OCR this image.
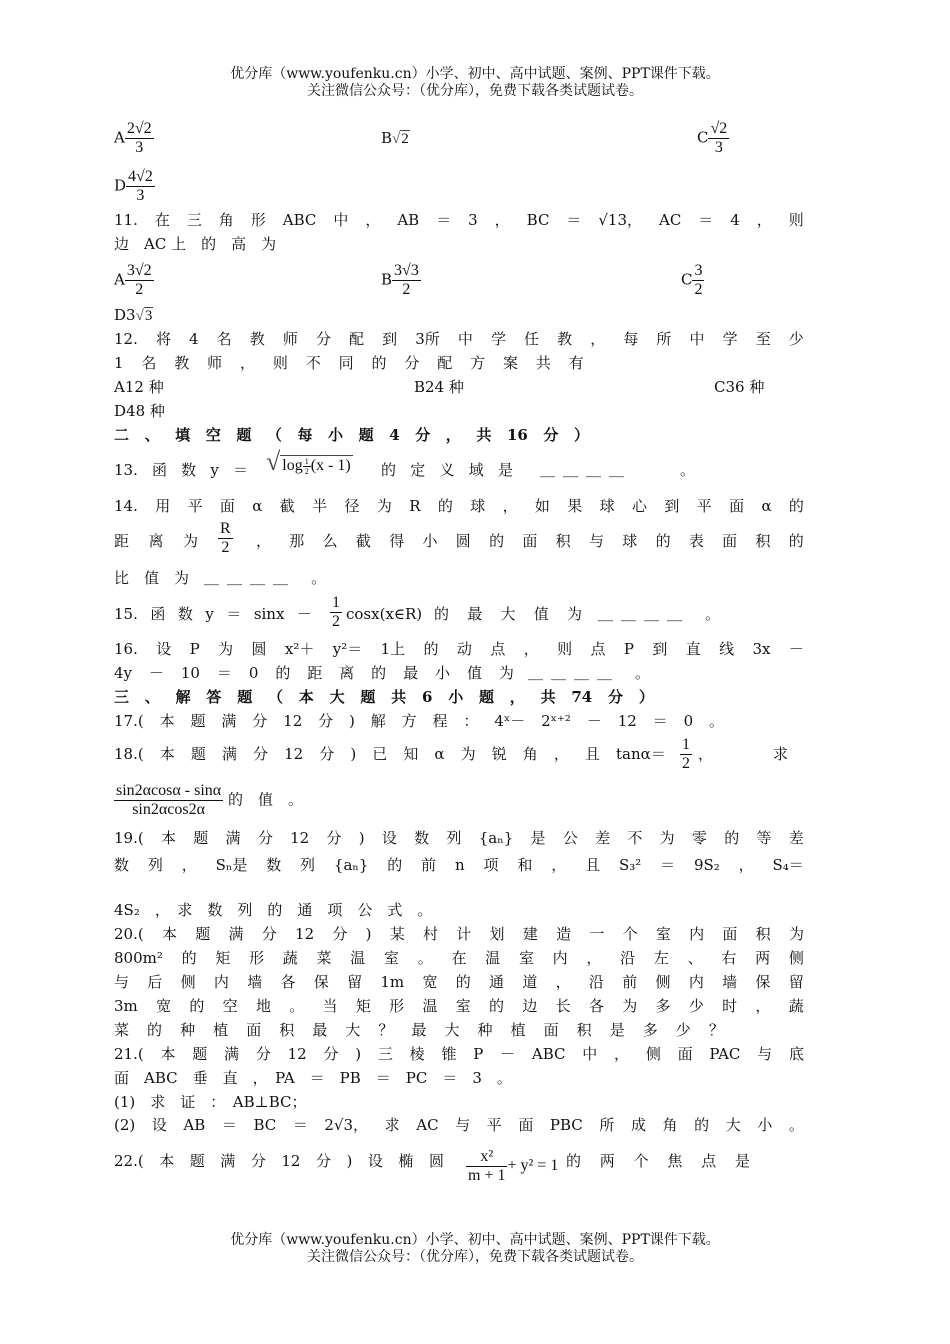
优分库（www.youfenku.cn）小学、初中、高中试题、案例、PPT课件下载。
关注微信公众号：（优分库），免费下载各类试题试卷。
A $\frac{2√2}{3}$	B√2	C $\frac{√2}{3}$
D $\frac{4√2}{3}$
11. 在 三 角 形 ABC 中 ， AB ＝ 3 ， BC ＝ √13， AC ＝ 4 ， 则
边　AC 上　的　高　为
A $\frac{3√2}{2}$	B $\frac{3√3}{2}$	C $\frac{3}{2}$
D3√3
12. 将 4 名 教 师 分 配 到 3所 中 学 任 教 ， 每 所 中 学 至 少
1 名 教 师 ， 则 不 同 的 分 配 方 案 共 有
A12 种	B24 种	C36 种
D48 种
二 、 填 空 题 （ 每 小 题 4 分 ， 共 16 分 ）
13. 函 数 y ＝ √ $\log \frac{1}{2} (x - 1)$ 的 定 义 域 是 ＿＿＿＿	。
14. 用 平 面 α 截 半 径 为 R 的 球 ， 如 果 球 心 到 平 面 α 的
距 离 为 $\frac{R}{2}$ ， 那 么 截 得 小 圆 的 面 积 与 球 的 表 面 积 的
比　值　为　 ＿＿＿＿　 。
15. 函 数 $y = \sin x - \frac{1}{2}$ cosx(x∈R) 的 最 大 值 为 ＿＿＿＿　 。
16. 设 P 为 圆 x²＋ y²＝ 1上 的 动 点 ， 则 点 P 到 直 线 3x －
4y － 10 ＝ 0 的 距 离 的 最 小 值 为 ＿＿＿＿　 。
三 、 解 答 题 （ 本 大 题 共 6 小 题 ， 共 74 分 ）
17.( 本 题 满 分 12 分 ) 解 方 程 ： 4ˣ－ 2ˣ⁺² － 12 ＝ 0 。
18.( 本 题 满 分 12 分 ) 已 知 α 为 锐 角 ， 且 $\tan\alpha= \frac{1}{2}$ ，	求
$\frac{\sin 2\alpha\cos\alpha - \sin\alpha}{\sin 2\alpha\cos 2\alpha}$ 的　值　。
19.( 本 题 满 分 12 分 ) 设 数 列 {aₙ} 是 公 差 不 为 零 的 等 差
数 列 ， Sₙ是 数 列 {aₙ} 的 前 n 项 和 ， 且 S₃² ＝ 9S₂ ， S₄＝
4S₂　，　求　数　列　的　通　项　公　式　。
20.( 本 题 满 分 12 分 ) 某 村 计 划 建 造 一 个 室 内 面 积 为
800m² 的 矩 形 蔬 菜 温 室 。 在 温 室 内 ， 沿 左 、 右 两 侧
与 后 侧 内 墙 各 保 留 1m 宽 的 通 道 ， 沿 前 侧 内 墙 保 留
3m 宽 的 空 地 。 当 矩 形 温 室 的 边 长 各 为 多 少 时 ， 蔬
菜 的 种 植 面 积 最 大 ？ 最 大 种 植 面 积 是 多 少 ？
21.( 本 题 满 分 12 分 ) 三 棱 锥 P － ABC 中 ， 侧 面 PAC 与 底
面　ABC　垂　直　，　PA　＝　PB　＝　PC　＝　3　。
(1)　求　证　：　AB⊥BC；
(2) 设 AB ＝ BC ＝ 2√3， 求 AC 与 平 面 PBC 所 成 角 的 大 小 。
22.( 本 题 满 分 12 分 ) 设 椭 圆 $\frac{\text{x²}}{m + 1} + y^2 = 1$ 的 两 个 焦 点 是
优分库（www.youfenku.cn）小学、初中、高中试题、案例、PPT课件下载。
关注微信公众号：（优分库），免费下载各类试题试卷。
